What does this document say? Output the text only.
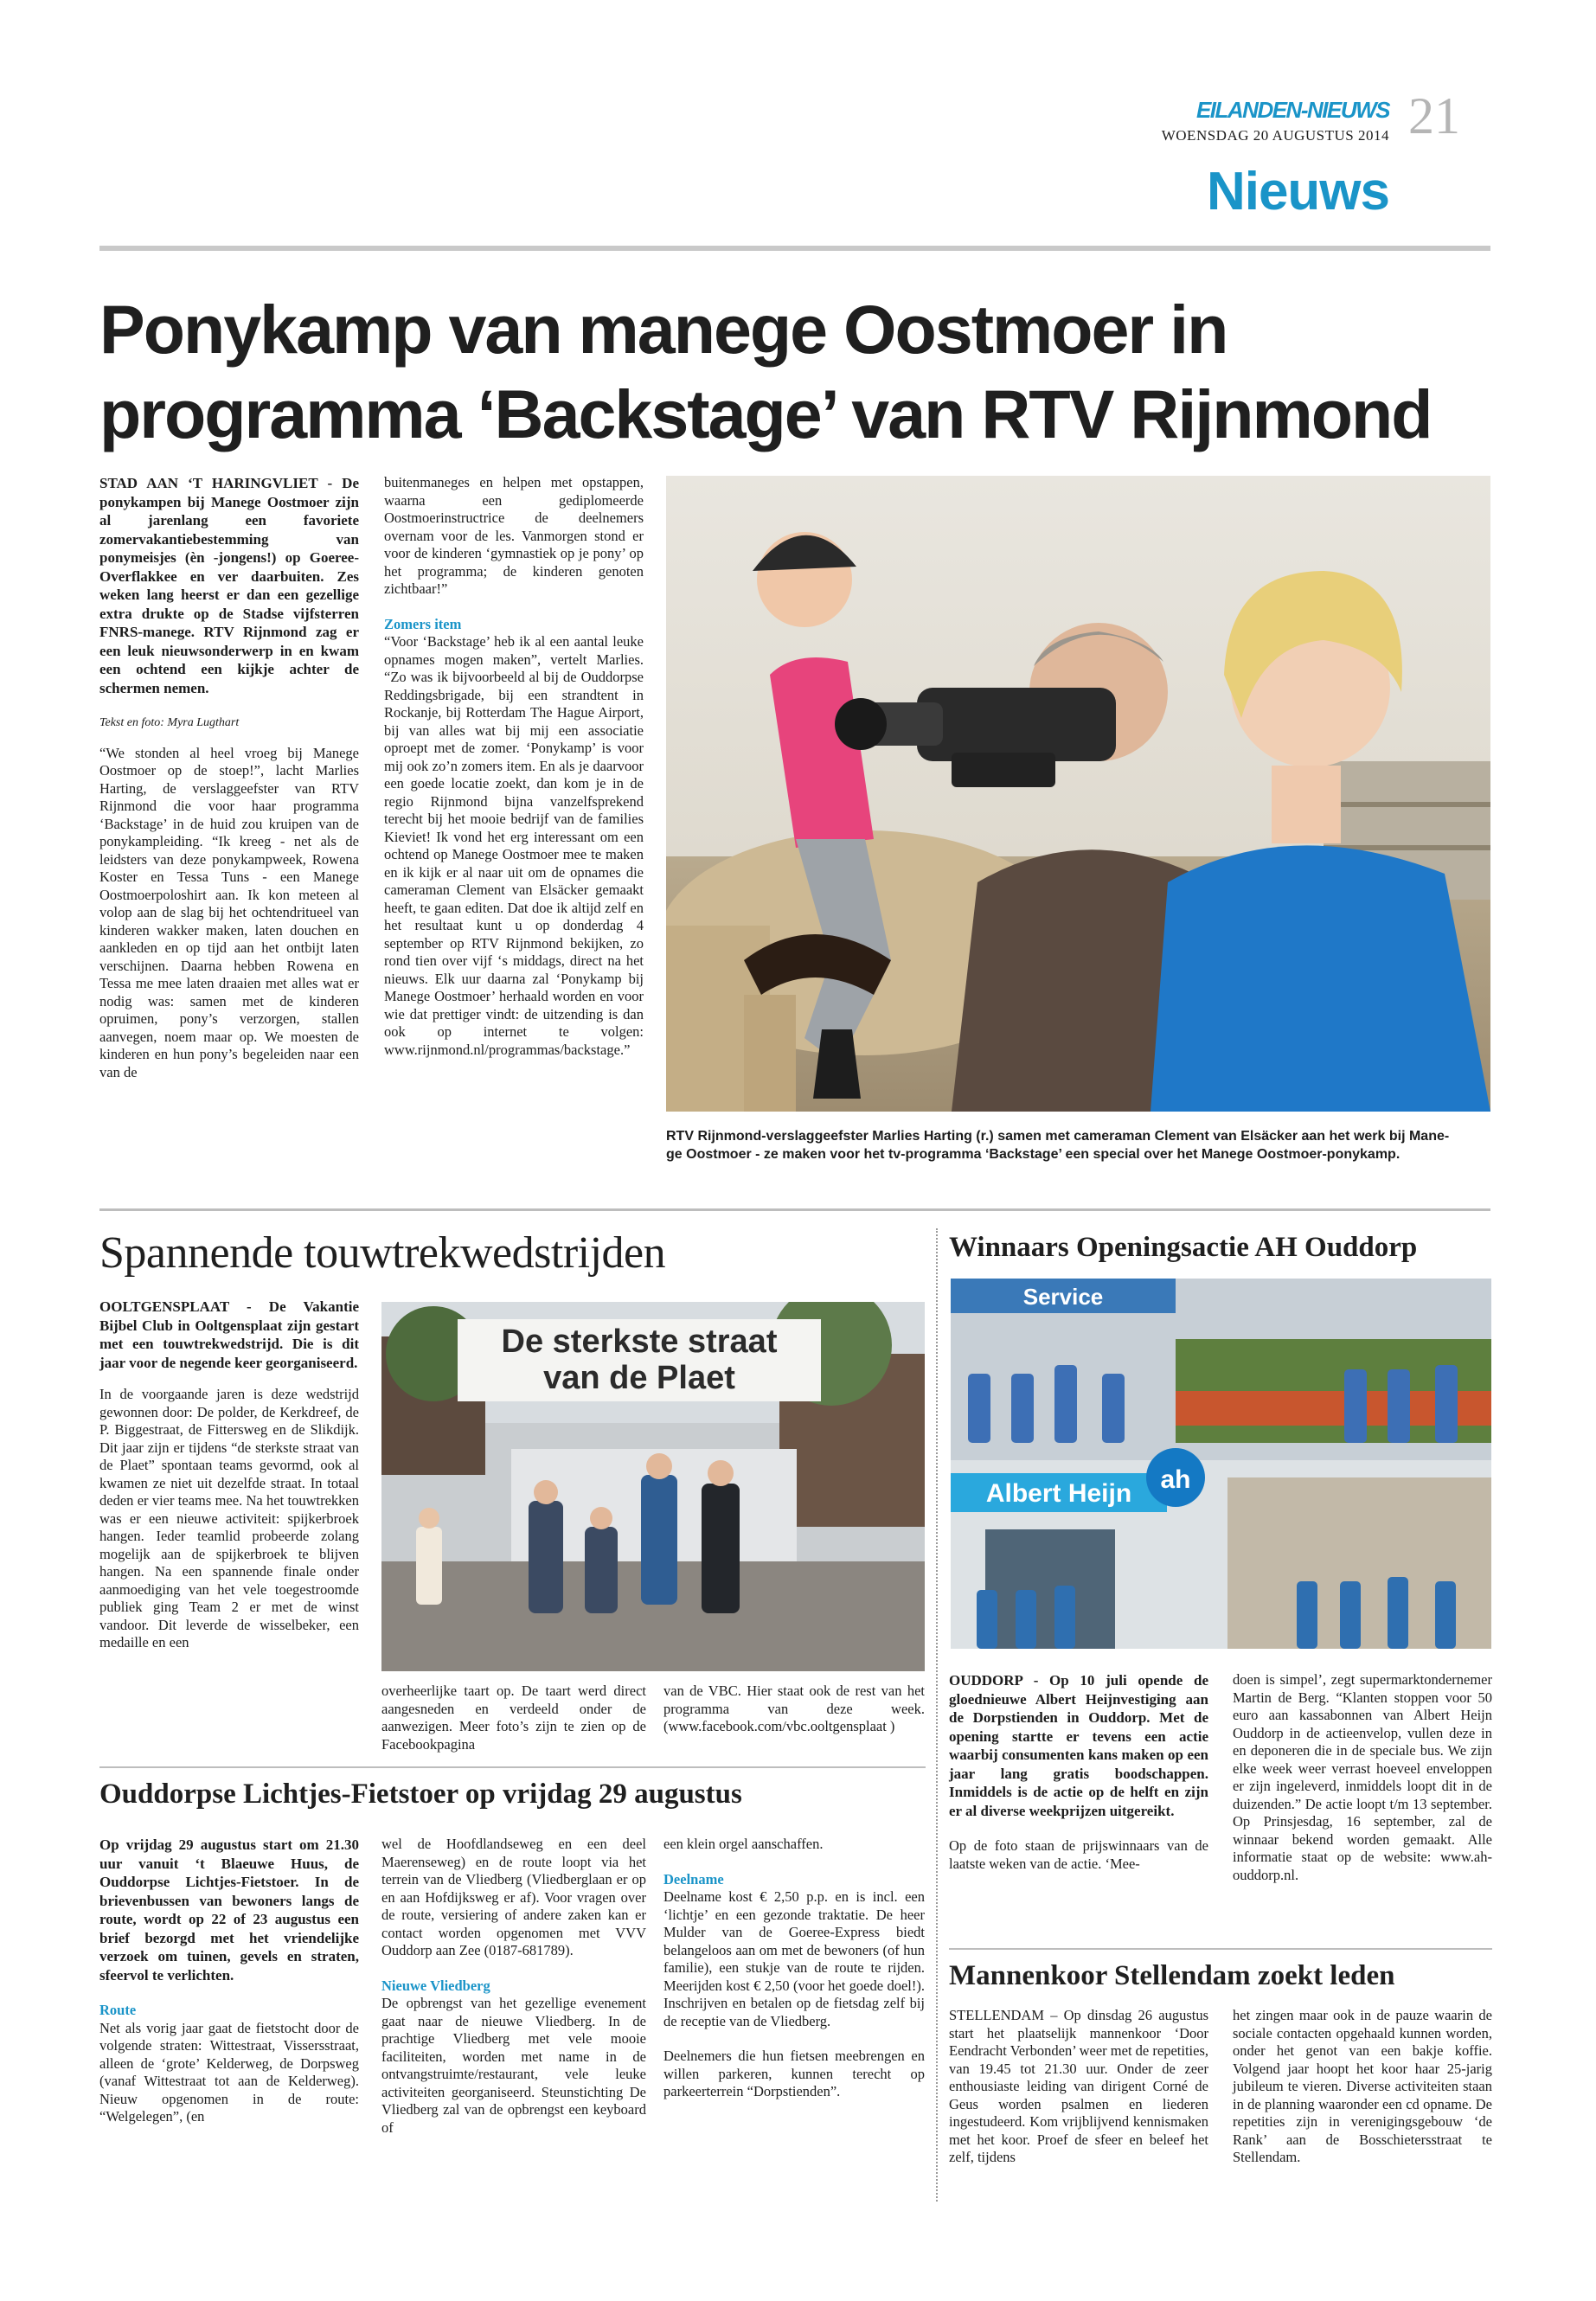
EILANDEN-NIEUWS
WOENSDAG 20 AUGUSTUS 2014 21
Nieuws
Ponykamp van manege Oostmoer in
programma ‘Backstage’ van RTV Rijnmond

STAD AAN ‘T HARINGVLIET - De ponykampen bij Manege Oostmoer zijn al jarenlang een favoriete zomervakantiebestemming van ponymeisjes (èn -jongens!) op Goeree-Overflakkee en ver daarbuiten. Zes weken lang heerst er dan een gezellige extra drukte op de Stadse vijfsterren FNRS-manege. RTV Rijnmond zag er een leuk nieuwsonderwerp in en kwam een ochtend een kijkje achter de schermen nemen.

Tekst en foto: Myra Lugthart

“We stonden al heel vroeg bij Manege Oostmoer op de stoep!”, lacht Marlies Harting, de verslaggeefster van RTV Rijnmond die voor haar programma ‘Backstage’ in de huid zou kruipen van de ponykampleiding. “Ik kreeg - net als de leidsters van deze ponykampweek, Rowena Koster en Tessa Tuns - een Manege Oostmoerpoloshirt aan. Ik kon meteen al volop aan de slag bij het ochtendritueel van kinderen wakker maken, laten douchen en aankleden en op tijd aan het ontbijt laten verschijnen. Daarna hebben Rowena en Tessa me mee laten draaien met alles wat er nodig was: samen met de kinderen opruimen, pony’s verzorgen, stallen aanvegen, noem maar op. We moesten de kinderen en hun pony’s begeleiden naar een van de

buitenmaneges en helpen met opstappen, waarna een gediplomeerde Oostmoerinstructrice de deelnemers overnam voor de les. Vanmorgen stond er voor de kinderen ‘gymnastiek op je pony’ op het programma; de kinderen genoten zichtbaar!”

Zomers item

“Voor ‘Backstage’ heb ik al een aantal leuke opnames mogen maken”, vertelt Marlies. “Zo was ik bijvoorbeeld al bij de Ouddorpse Reddingsbrigade, bij een strandtent in Rockanje, bij Rotterdam The Hague Airport, bij van alles wat bij mij een associatie oproept met de zomer. ‘Ponykamp’ is voor mij ook zo’n zomers item. En als je daarvoor een goede locatie zoekt, dan kom je in de regio Rijnmond bijna vanzelfsprekend terecht bij het mooie bedrijf van de families Kieviet! Ik vond het erg interessant om een ochtend op Manege Oostmoer mee te maken en ik kijk er al naar uit om de opnames die cameraman Clement van Elsäcker gemaakt heeft, te gaan editen. Dat doe ik altijd zelf en het resultaat kunt u op donderdag 4 september op RTV Rijnmond bekijken, zo rond tien over vijf ‘s middags, direct na het nieuws. Elk uur daarna zal ‘Ponykamp bij Manege Oostmoer’ herhaald worden en voor wie dat prettiger vindt: de uitzending is dan ook op internet te volgen: www.rijnmond.nl/programmas/backstage.”

RTV Rijnmond-verslaggeefster Marlies Harting (r.) samen met cameraman Clement van Elsäcker aan het werk bij Mane-
ge Oostmoer - ze maken voor het tv-programma ‘Backstage’ een special over het Manege Oostmoer-ponykamp.
Spannende touwtrekwedstrijden

OOLTGENSPLAAT - De Vakantie Bijbel Club in Ooltgensplaat zijn gestart met een touwtrekwedstrijd. Die is dit jaar voor de negende keer georganiseerd.

In de voorgaande jaren is deze wedstrijd gewonnen door: De polder, de Kerkdreef, de P. Biggestraat, de Fittersweg en de Slikdijk. Dit jaar zijn er tijdens “de sterkste straat van de Plaet” spontaan teams gevormd, ook al kwamen ze niet uit dezelfde straat. In totaal deden er vier teams mee. Na het touwtrekken was er een nieuwe activiteit: spijkerbroek hangen. Ieder teamlid probeerde zolang mogelijk aan de spijkerbroek te blijven hangen. Na een spannende finale onder aanmoediging van het vele toegestroomde publiek ging Team 2 er met de winst vandoor. Dit leverde de wisselbeker, een medaille en een

De sterkste straat
van de Plaet

overheerlijke taart op. De taart werd direct aangesneden en verdeeld onder de aanwezigen. Meer foto’s zijn te zien op de Facebookpagina

van de VBC. Hier staat ook de rest van het programma van deze week. (www.facebook.com/vbc.ooltgensplaat )

Ouddorpse Lichtjes-Fietstoer op vrijdag 29 augustus

Op vrijdag 29 augustus start om 21.30 uur vanuit ‘t Blaeuwe Huus, de Ouddorpse Lichtjes-Fietstoer. In de brievenbussen van bewoners langs de route, wordt op 22 of 23 augustus een brief bezorgd met het vriendelijke verzoek om tuinen, gevels en straten, sfeervol te verlichten.

Route

Net als vorig jaar gaat de fietstocht door de volgende straten: Wittestraat, Vissersstraat, alleen de ‘grote’ Kelderweg, de Dorpsweg (vanaf Wittestraat tot aan de Kelderweg). Nieuw opgenomen in de route: “Welgelegen”, (en

wel de Hoofdlandseweg en een deel Maerenseweg) en de route loopt via het terrein van de Vliedberg (Vliedberglaan er op en aan Hofdijksweg er af). Voor vragen over de route, versiering of andere zaken kan er contact worden opgenomen met VVV Ouddorp aan Zee (0187-681789).

Nieuwe Vliedberg

De opbrengst van het gezellige evenement gaat naar de nieuwe Vliedberg. In de prachtige Vliedberg met vele mooie faciliteiten, worden met name in de ontvangstruimte/restaurant, vele leuke activiteiten georganiseerd. Steunstichting De Vliedberg zal van de opbrengst een keyboard of

een klein orgel aanschaffen.

Deelname

Deelname kost € 2,50 p.p. en is incl. een ‘lichtje’ en een gezonde traktatie. De heer Mulder van de Goeree-Express biedt belangeloos aan om met de bewoners (of hun familie), een stukje van de route te rijden. Meerijden kost € 2,50 (voor het goede doel!). Inschrijven en betalen op de fietsdag zelf bij de receptie van de Vliedberg.

Deelnemers die hun fietsen meebrengen en willen parkeren, kunnen terecht op parkeerterrein “Dorpstienden”.

Winnaars Openingsactie AH Ouddorp
Service
Albert Heijn ah

OUDDORP - Op 10 juli opende de gloednieuwe Albert Heijnvestiging aan de Dorpstienden in Ouddorp. Met de opening startte er tevens een actie waarbij consumenten kans maken op een jaar lang gratis boodschappen. Inmiddels is de actie op de helft en zijn er al diverse weekprijzen uitgereikt.

Op de foto staan de prijswinnaars van de laatste weken van de actie. ‘Mee-

doen is simpel’, zegt supermarktondernemer Martin de Berg. “Klanten stoppen voor 50 euro aan kassabonnen van Albert Heijn Ouddorp in de actieenvelop, vullen deze in en deponeren die in de speciale bus. We zijn elke week weer verrast hoeveel enveloppen er zijn ingeleverd, inmiddels loopt dit in de duizenden.” De actie loopt t/m 13 september. Op Prinsjesdag, 16 september, zal de winnaar bekend worden gemaakt. Alle informatie staat op de website: www.ah-ouddorp.nl.

Mannenkoor Stellendam zoekt leden

STELLENDAM – Op dinsdag 26 augustus start het plaatselijk mannenkoor ‘Door Eendracht Verbonden’ weer met de repetities, van 19.45 tot 21.30 uur. Onder de zeer enthousiaste leiding van dirigent Corné de Geus worden psalmen en liederen ingestudeerd. Kom vrijblijvend kennismaken met het koor. Proef de sfeer en beleef het zelf, tijdens

het zingen maar ook in de pauze waarin de sociale contacten opgehaald kunnen worden, onder het genot van een bakje koffie. Volgend jaar hoopt het koor haar 25-jarig jubileum te vieren. Diverse activiteiten staan in de planning waaronder een cd opname. De repetities zijn in verenigingsgebouw ‘de Rank’ aan de Bosschietersstraat te Stellendam.
